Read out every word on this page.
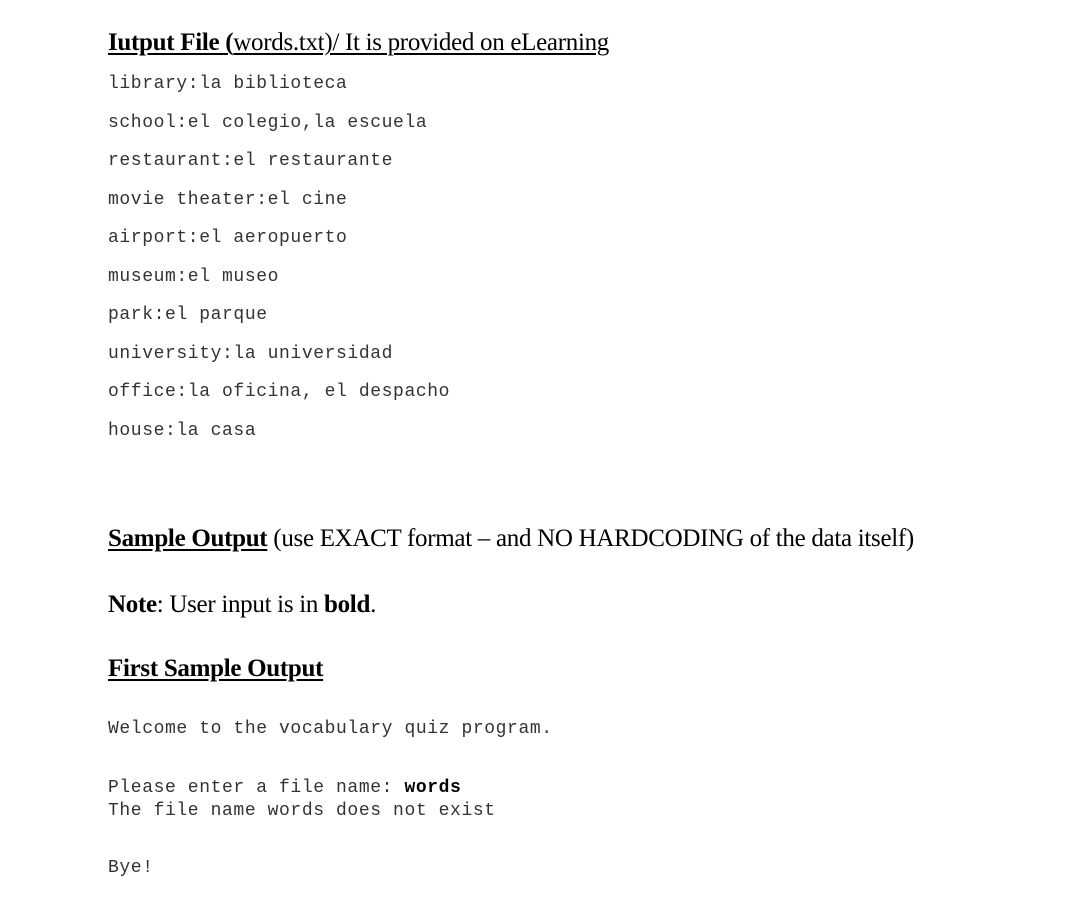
Iutput File (words.txt)/ It is provided on eLearning
library:la biblioteca
school:el colegio,la escuela
restaurant:el restaurante
movie theater:el cine
airport:el aeropuerto
museum:el museo
park:el parque
university:la universidad
office:la oficina, el despacho
house:la casa
Sample Output (use EXACT format – and NO HARDCODING of the data itself)
Note: User input is in bold.
First Sample Output
Welcome to the vocabulary quiz program.
Please enter a file name: words
The file name words does not exist
Bye!
